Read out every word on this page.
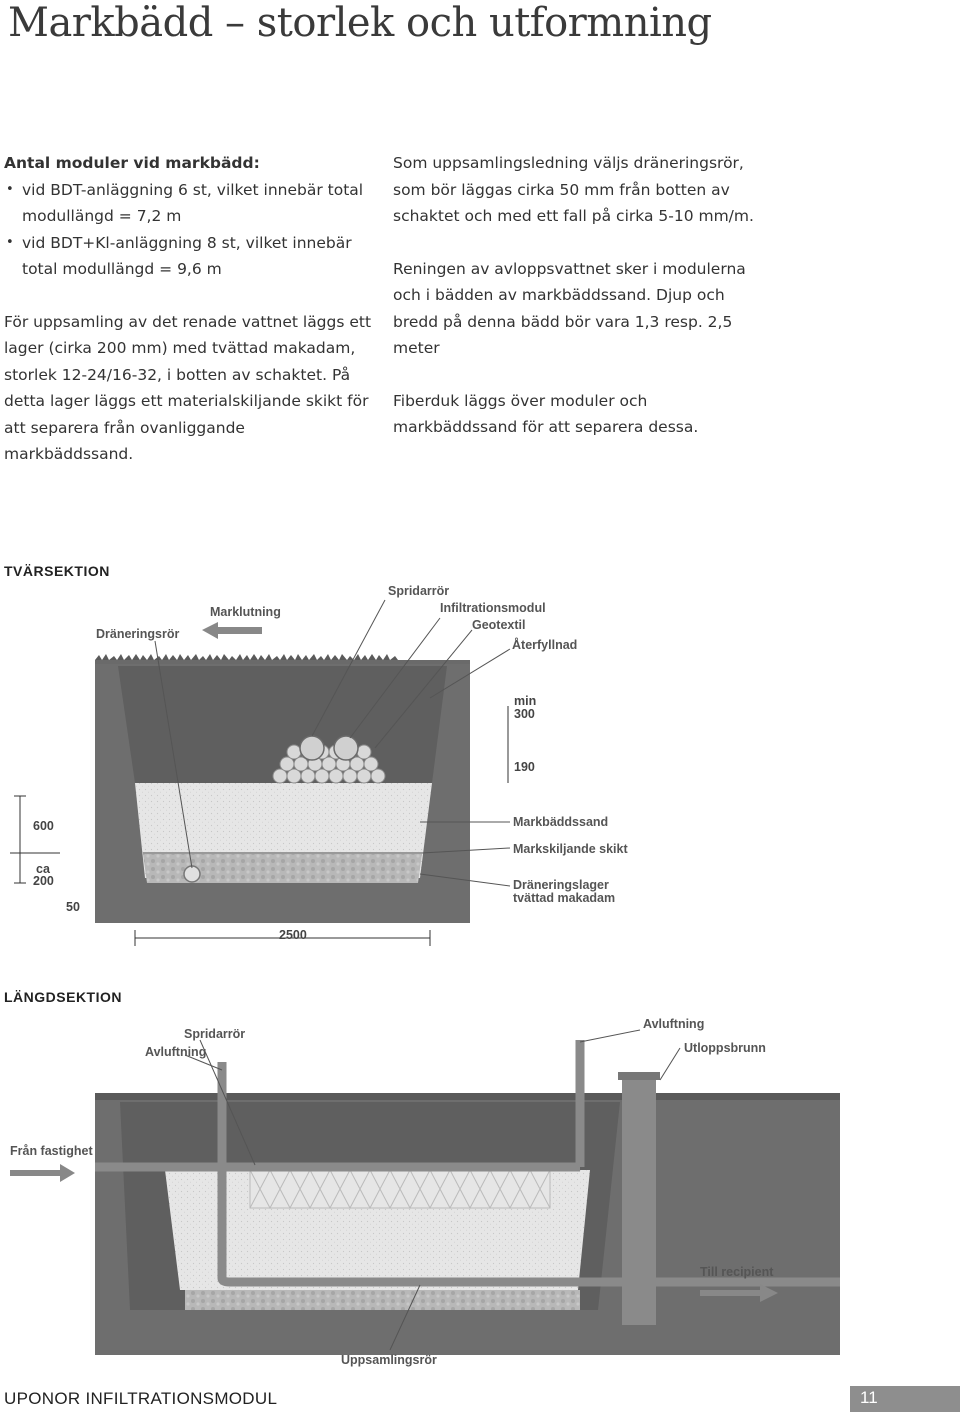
Markbädd – storlek och utformning
Antal moduler vid markbädd:
• vid BDT-anläggning 6 st, vilket innebär total modullängd = 7,2 m
• vid BDT+Kl-anläggning 8 st, vilket innebär total modullängd = 9,6 m

För uppsamling av det renade vattnet läggs ett lager (cirka 200 mm) med tvättad makadam, storlek 12-24/16-32, i botten av schaktet. På detta lager läggs ett materialskiljande skikt för att separera från ovanliggande markbäddssand.

Som uppsamlingsledning väljs dräneringsrör, som bör läggas cirka 50 mm från botten av schaktet och med ett fall på cirka 5-10 mm/m.

Reningen av avloppsvattnet sker i modulerna och i bädden av markbäddssand. Djup och bredd på denna bädd bör vara 1,3 resp. 2,5 meter

Fiberduk läggs över moduler och markbäddssand för att separera dessa.

TVÄRSEKTION
Spridarrör
Infiltrationsmodul
Geotextil
Återfyllnad
Marklutning
Dräneringsrör
Markbäddssand
Markskiljande skikt
Dräneringslager
tvättad makadam
min
300
190
600
ca
200
50
2500
LÄNGDSEKTION
Spridarrör
Avluftning
Avluftning
Utloppsbrunn
Från fastighet
Till recipient
Uppsamlingsrör
UPONOR INFILTRATIONSMODUL	11
